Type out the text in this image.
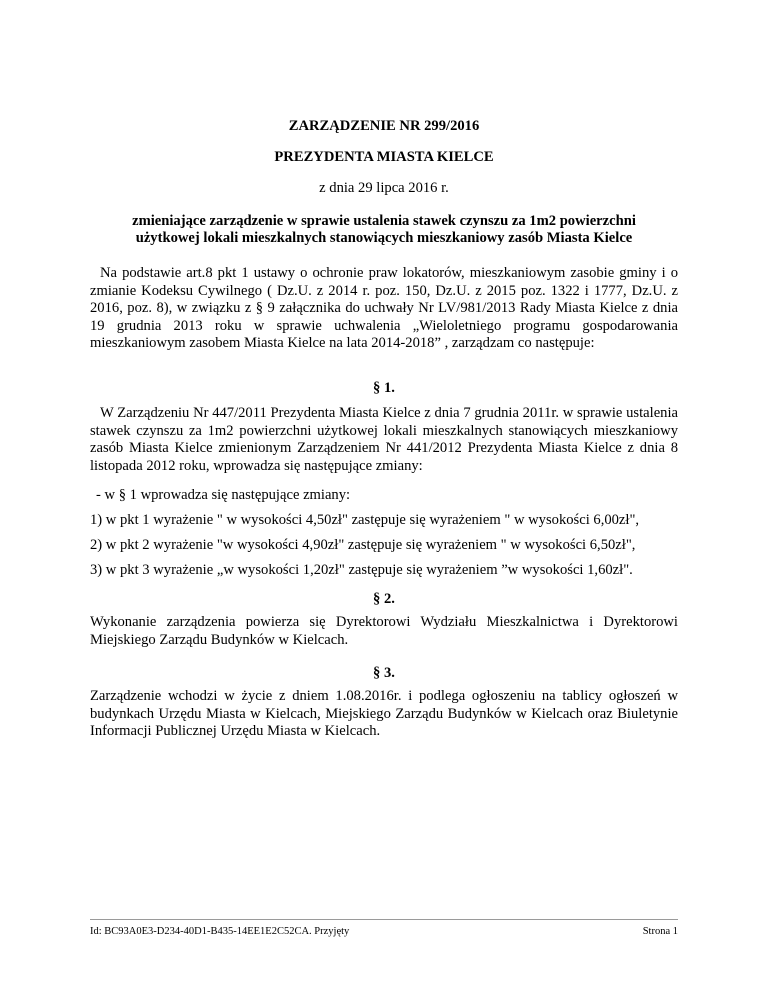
ZARZĄDZENIE NR 299/2016
PREZYDENTA MIASTA KIELCE
z dnia 29 lipca 2016 r.
zmieniające zarządzenie w sprawie ustalenia stawek czynszu za 1m2 powierzchni
użytkowej lokali mieszkalnych stanowiących mieszkaniowy zasób Miasta Kielce

Na podstawie art.8 pkt 1 ustawy o ochronie praw lokatorów, mieszkaniowym zasobie gminy i o zmianie Kodeksu Cywilnego ( Dz.U. z 2014 r. poz. 150, Dz.U. z 2015 poz. 1322 i 1777, Dz.U. z 2016, poz. 8), w związku z § 9 załącznika do uchwały Nr LV/981/2013 Rady Miasta Kielce z dnia 19 grudnia 2013 roku w sprawie uchwalenia „Wieloletniego programu gospodarowania mieszkaniowym zasobem Miasta Kielce na lata 2014-2018” , zarządzam co następuje:

§ 1.

W Zarządzeniu Nr 447/2011 Prezydenta Miasta Kielce z dnia 7 grudnia 2011r. w sprawie ustalenia stawek czynszu za 1m2 powierzchni użytkowej lokali mieszkalnych stanowiących mieszkaniowy zasób Miasta Kielce zmienionym Zarządzeniem Nr 441/2012 Prezydenta Miasta Kielce z dnia 8 listopada 2012 roku, wprowadza się następujące zmiany:

- w § 1 wprowadza się następujące zmiany:
1) w pkt 1 wyrażenie " w wysokości 4,50zł" zastępuje się wyrażeniem " w wysokości 6,00zł",
2) w pkt 2 wyrażenie "w wysokości 4,90zł" zastępuje się wyrażeniem " w wysokości 6,50zł",
3) w pkt 3 wyrażenie „w wysokości 1,20zł" zastępuje się wyrażeniem ”w wysokości 1,60zł".
§ 2.

Wykonanie zarządzenia powierza się Dyrektorowi Wydziału Mieszkalnictwa i Dyrektorowi Miejskiego Zarządu Budynków w Kielcach.

§ 3.

Zarządzenie wchodzi w życie z dniem 1.08.2016r. i podlega ogłoszeniu na tablicy ogłoszeń w budynkach Urzędu Miasta w Kielcach, Miejskiego Zarządu Budynków w Kielcach oraz Biuletynie Informacji Publicznej Urzędu Miasta w Kielcach.

Id: BC93A0E3-D234-40D1-B435-14EE1E2C52CA. Przyjęty	Strona 1
